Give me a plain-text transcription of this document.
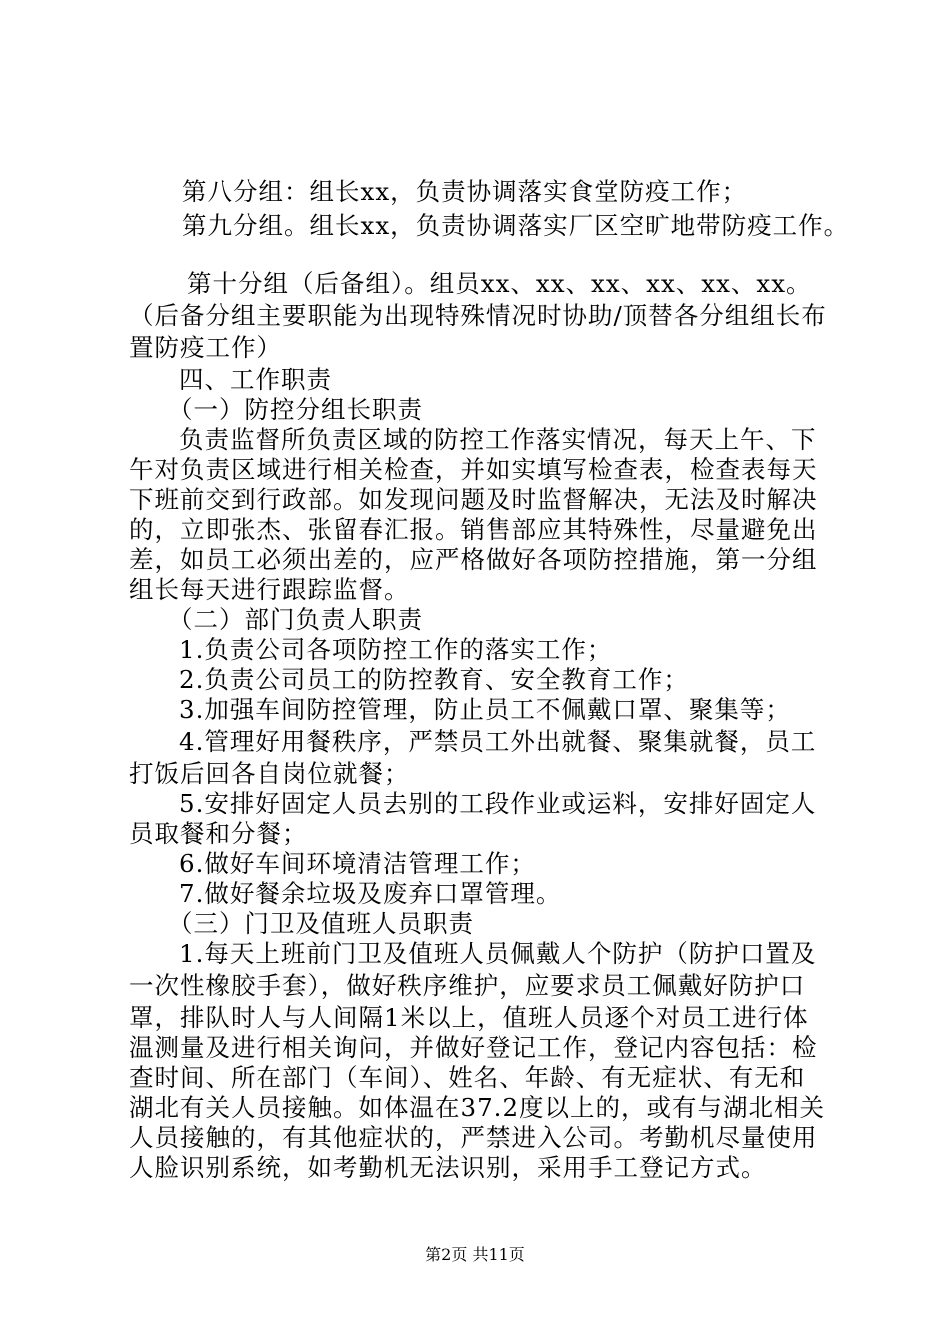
第八分组：组长xx，负责协调落实食堂防疫工作；
第九分组。组长xx，负责协调落实厂区空旷地带防疫工作。
第十分组（后备组）。组员xx、xx、xx、xx、xx、xx。
（后备分组主要职能为出现特殊情况时协助/顶替各分组组长布
置防疫工作）
四、工作职责
（一）防控分组长职责
负责监督所负责区域的防控工作落实情况，每天上午、下
午对负责区域进行相关检查，并如实填写检查表，检查表每天
下班前交到行政部。如发现问题及时监督解决，无法及时解决
的，立即张杰、张留春汇报。销售部应其特殊性，尽量避免出
差，如员工必须出差的，应严格做好各项防控措施，第一分组
组长每天进行跟踪监督。
（二）部门负责人职责
1.负责公司各项防控工作的落实工作；
2.负责公司员工的防控教育、安全教育工作；
3.加强车间防控管理，防止员工不佩戴口罩、聚集等；
4.管理好用餐秩序，严禁员工外出就餐、聚集就餐，员工
打饭后回各自岗位就餐；
5.安排好固定人员去别的工段作业或运料，安排好固定人
员取餐和分餐；
6.做好车间环境清洁管理工作；
7.做好餐余垃圾及废弃口罩管理。
（三）门卫及值班人员职责
1.每天上班前门卫及值班人员佩戴人个防护（防护口置及
一次性橡胶手套），做好秩序维护，应要求员工佩戴好防护口
罩，排队时人与人间隔1米以上，值班人员逐个对员工进行体
温测量及进行相关询问，并做好登记工作，登记内容包括：检
查时间、所在部门（车间）、姓名、年龄、有无症状、有无和
湖北有关人员接触。如体温在37.2度以上的，或有与湖北相关
人员接触的，有其他症状的，严禁进入公司。考勤机尽量使用
人脸识别系统，如考勤机无法识别，采用手工登记方式。
第2页 共11页
